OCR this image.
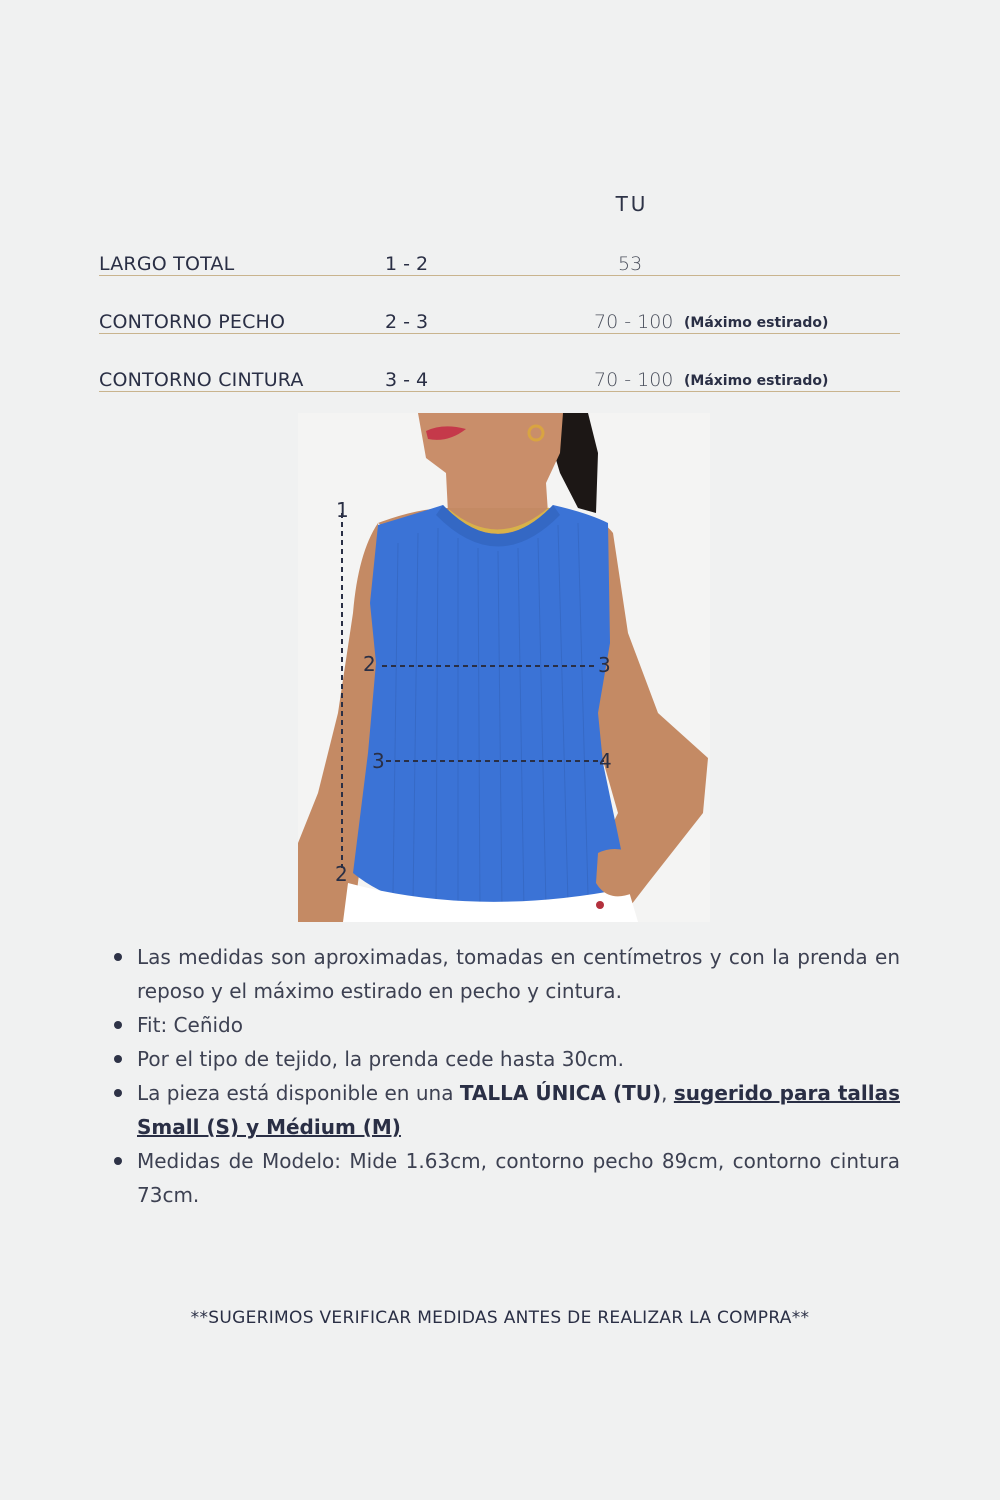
TU
LARGO TOTAL	1 - 2	53
CONTORNO PECHO	2 - 3	70 - 100 (Máximo estirado)
CONTORNO CINTURA	3 - 4	70 - 100 (Máximo estirado)
1
2
2	3
3	4
Las medidas son aproximadas, tomadas en centímetros y con la prenda en reposo y el máximo estirado en pecho y cintura.
Fit: Ceñido
Por el tipo de tejido, la prenda cede hasta 30cm.
La pieza está disponible en una TALLA ÚNICA (TU), sugerido para tallas Small (S) y Médium (M)
Medidas de Modelo: Mide 1.63cm, contorno pecho 89cm, contorno cintura 73cm.
**SUGERIMOS VERIFICAR MEDIDAS ANTES DE REALIZAR LA COMPRA**
